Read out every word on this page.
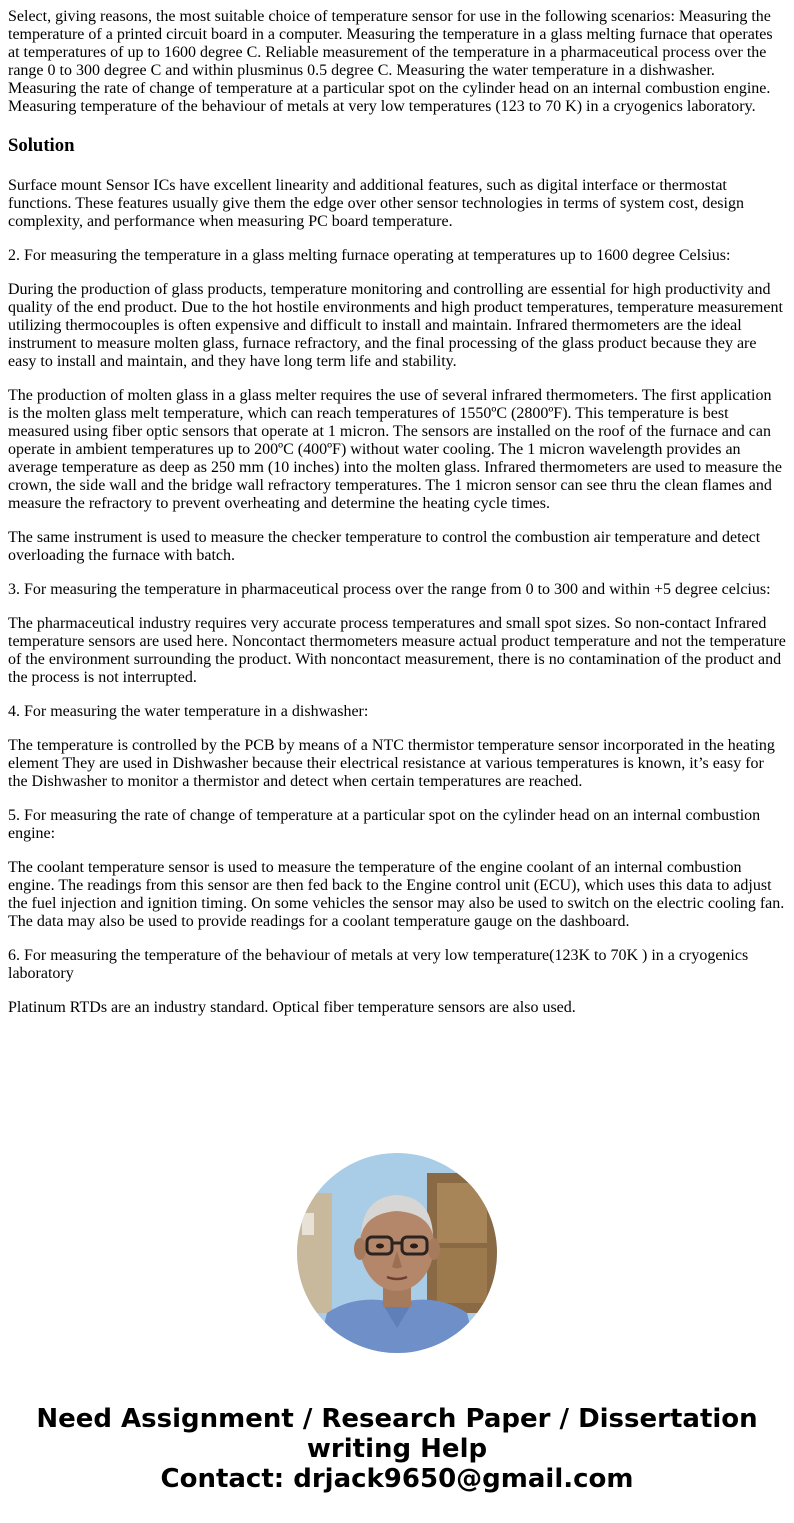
Select, giving reasons, the most suitable choice of temperature sensor for use in the following scenarios: Measuring the temperature of a printed circuit board in a computer. Measuring the temperature in a glass melting furnace that operates at temperatures of up to 1600 degree C. Reliable measurement of the temperature in a pharmaceutical process over the range 0 to 300 degree C and within plusminus 0.5 degree C. Measuring the water temperature in a dishwasher. Measuring the rate of change of temperature at a particular spot on the cylinder head on an internal combustion engine. Measuring temperature of the behaviour of metals at very low temperatures (123 to 70 K) in a cryogenics laboratory.

Solution

Surface mount Sensor ICs have excellent linearity and additional features, such as digital interface or thermostat functions. These features usually give them the edge over other sensor technologies in terms of system cost, design complexity, and performance when measuring PC board temperature.

2. For measuring the temperature in a glass melting furnace operating at temperatures up to 1600 degree Celsius:

During the production of glass products, temperature monitoring and controlling are essential for high productivity and quality of the end product. Due to the hot hostile environments and high product temperatures, temperature measurement utilizing thermocouples is often expensive and difficult to install and maintain. Infrared thermometers are the ideal instrument to measure molten glass, furnace refractory, and the final processing of the glass product because they are easy to install and maintain, and they have long term life and stability.

The production of molten glass in a glass melter requires the use of several infrared thermometers. The first application is the molten glass melt temperature, which can reach temperatures of 1550ºC (2800ºF). This temperature is best measured using fiber optic sensors that operate at 1 micron. The sensors are installed on the roof of the furnace and can operate in ambient temperatures up to 200ºC (400ºF) without water cooling. The 1 micron wavelength provides an average temperature as deep as 250 mm (10 inches) into the molten glass. Infrared thermometers are used to measure the crown, the side wall and the bridge wall refractory temperatures. The 1 micron sensor can see thru the clean flames and measure the refractory to prevent overheating and determine the heating cycle times.

The same instrument is used to measure the checker temperature to control the combustion air temperature and detect overloading the furnace with batch.

3. For measuring the temperature in pharmaceutical process over the range from 0 to 300 and within +5 degree celcius:

The pharmaceutical industry requires very accurate process temperatures and small spot sizes. So non-contact Infrared temperature sensors are used here. Noncontact thermometers measure actual product temperature and not the temperature of the environment surrounding the product. With noncontact measurement, there is no contamination of the product and the process is not interrupted.

4. For measuring the water temperature in a dishwasher:

The temperature is controlled by the PCB by means of a NTC thermistor temperature sensor incorporated in the heating element They are used in Dishwasher because their electrical resistance at various temperatures is known, it’s easy for the Dishwasher to monitor a thermistor and detect when certain temperatures are reached.

5. For measuring the rate of change of temperature at a particular spot on the cylinder head on an internal combustion engine:

The coolant temperature sensor is used to measure the temperature of the engine coolant of an internal combustion engine. The readings from this sensor are then fed back to the Engine control unit (ECU), which uses this data to adjust the fuel injection and ignition timing. On some vehicles the sensor may also be used to switch on the electric cooling fan. The data may also be used to provide readings for a coolant temperature gauge on the dashboard.

6. For measuring the temperature of the behaviour of metals at very low temperature(123K to 70K ) in a cryogenics laboratory

Platinum RTDs are an industry standard. Optical fiber temperature sensors are also used.

Need Assignment / Research Paper / Dissertation
writing Help
Contact: drjack9650@gmail.com
